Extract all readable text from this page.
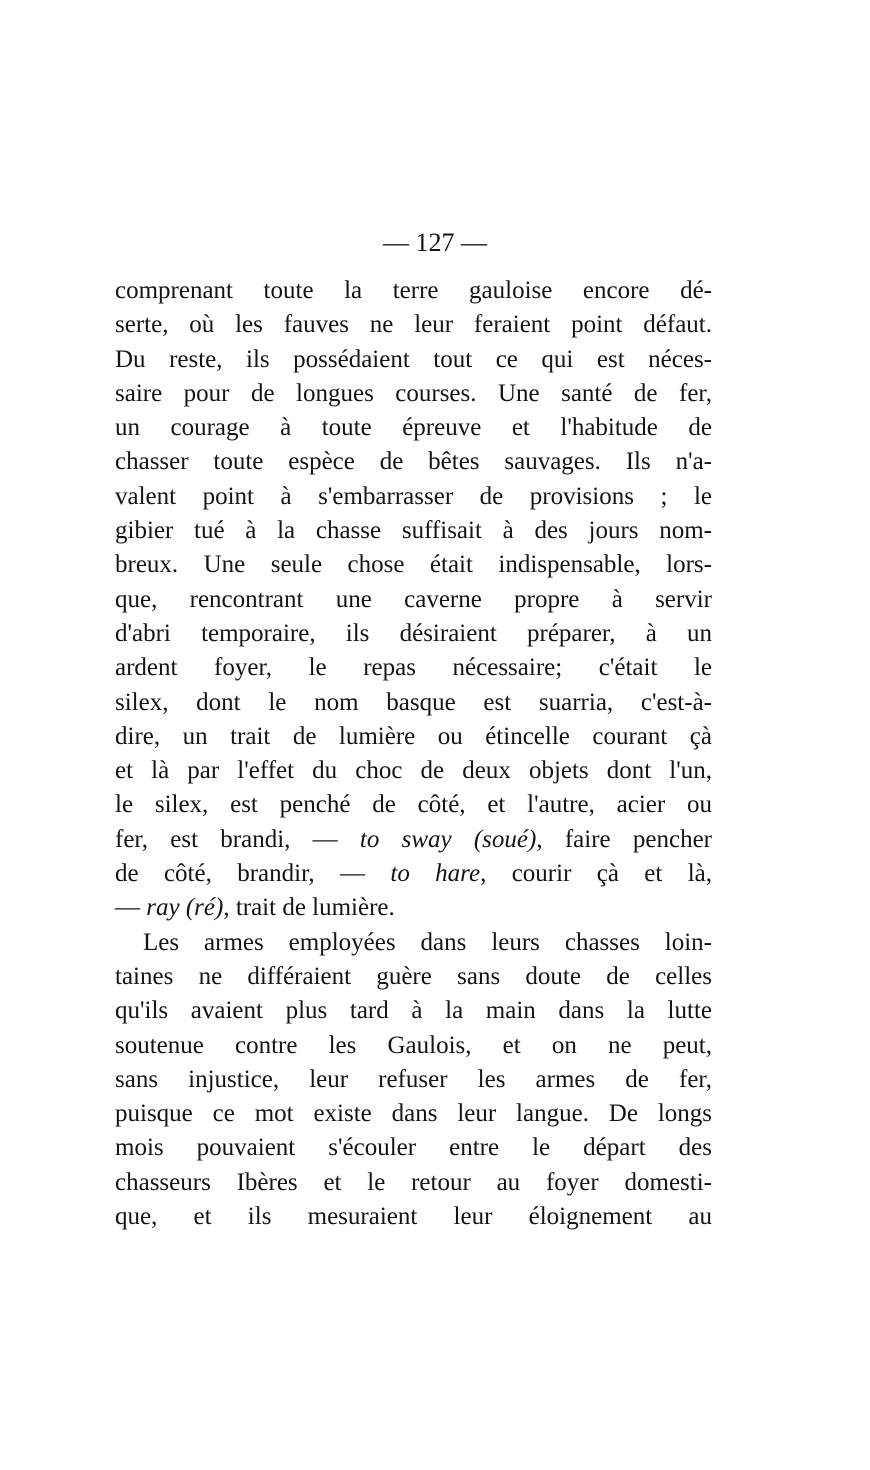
— 127 —
comprenant toute la terre gauloise encore dé-
serte, où les fauves ne leur feraient point défaut.
Du reste, ils possédaient tout ce qui est néces-
saire pour de longues courses. Une santé de fer,
un courage à toute épreuve et l'habitude de
chasser toute espèce de bêtes sauvages. Ils n'a-
valent point à s'embarrasser de provisions ; le
gibier tué à la chasse suffisait à des jours nom-
breux. Une seule chose était indispensable, lors-
que, rencontrant une caverne propre à servir
d'abri temporaire, ils désiraient préparer, à un
ardent foyer, le repas nécessaire; c'était le
silex, dont le nom basque est suarria, c'est-à-
dire, un trait de lumière ou étincelle courant çà
et là par l'effet du choc de deux objets dont l'un,
le silex, est penché de côté, et l'autre, acier ou
fer, est brandi, — to sway (soué), faire pencher
de côté, brandir, — to hare, courir çà et là,
— ray (ré), trait de lumière.
Les armes employées dans leurs chasses loin-
taines ne différaient guère sans doute de celles
qu'ils avaient plus tard à la main dans la lutte
soutenue contre les Gaulois, et on ne peut,
sans injustice, leur refuser les armes de fer,
puisque ce mot existe dans leur langue. De longs
mois pouvaient s'écouler entre le départ des
chasseurs Ibères et le retour au foyer domesti-
que, et ils mesuraient leur éloignement au
